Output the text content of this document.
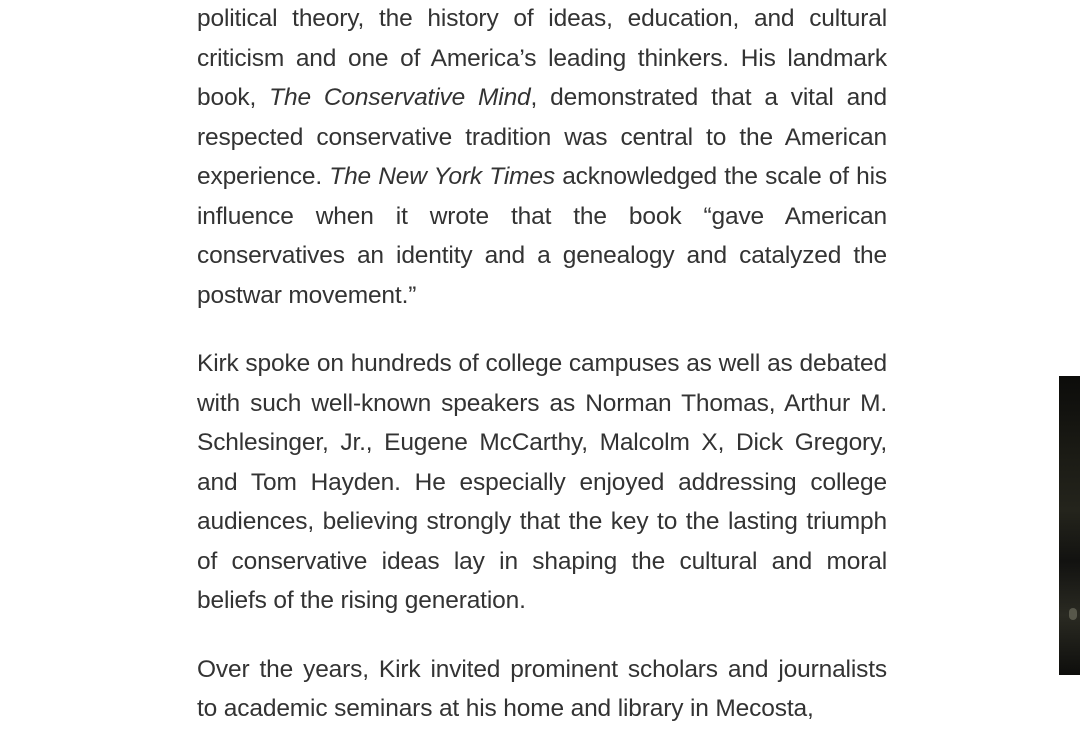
political theory, the history of ideas, education, and cultural criticism and one of America’s leading thinkers. His landmark book, The Conservative Mind, demonstrated that a vital and respected conservative tradition was central to the American experience. The New York Times acknowledged the scale of his influence when it wrote that the book “gave American conservatives an identity and a genealogy and catalyzed the postwar movement.”

Kirk spoke on hundreds of college campuses as well as debated with such well-known speakers as Norman Thomas, Arthur M. Schlesinger, Jr., Eugene McCarthy, Malcolm X, Dick Gregory, and Tom Hayden. He especially enjoyed addressing college audiences, believing strongly that the key to the lasting triumph of conservative ideas lay in shaping the cultural and moral beliefs of the rising generation.

Over the years, Kirk invited prominent scholars and journalists to academic seminars at his home and library in Mecosta,
